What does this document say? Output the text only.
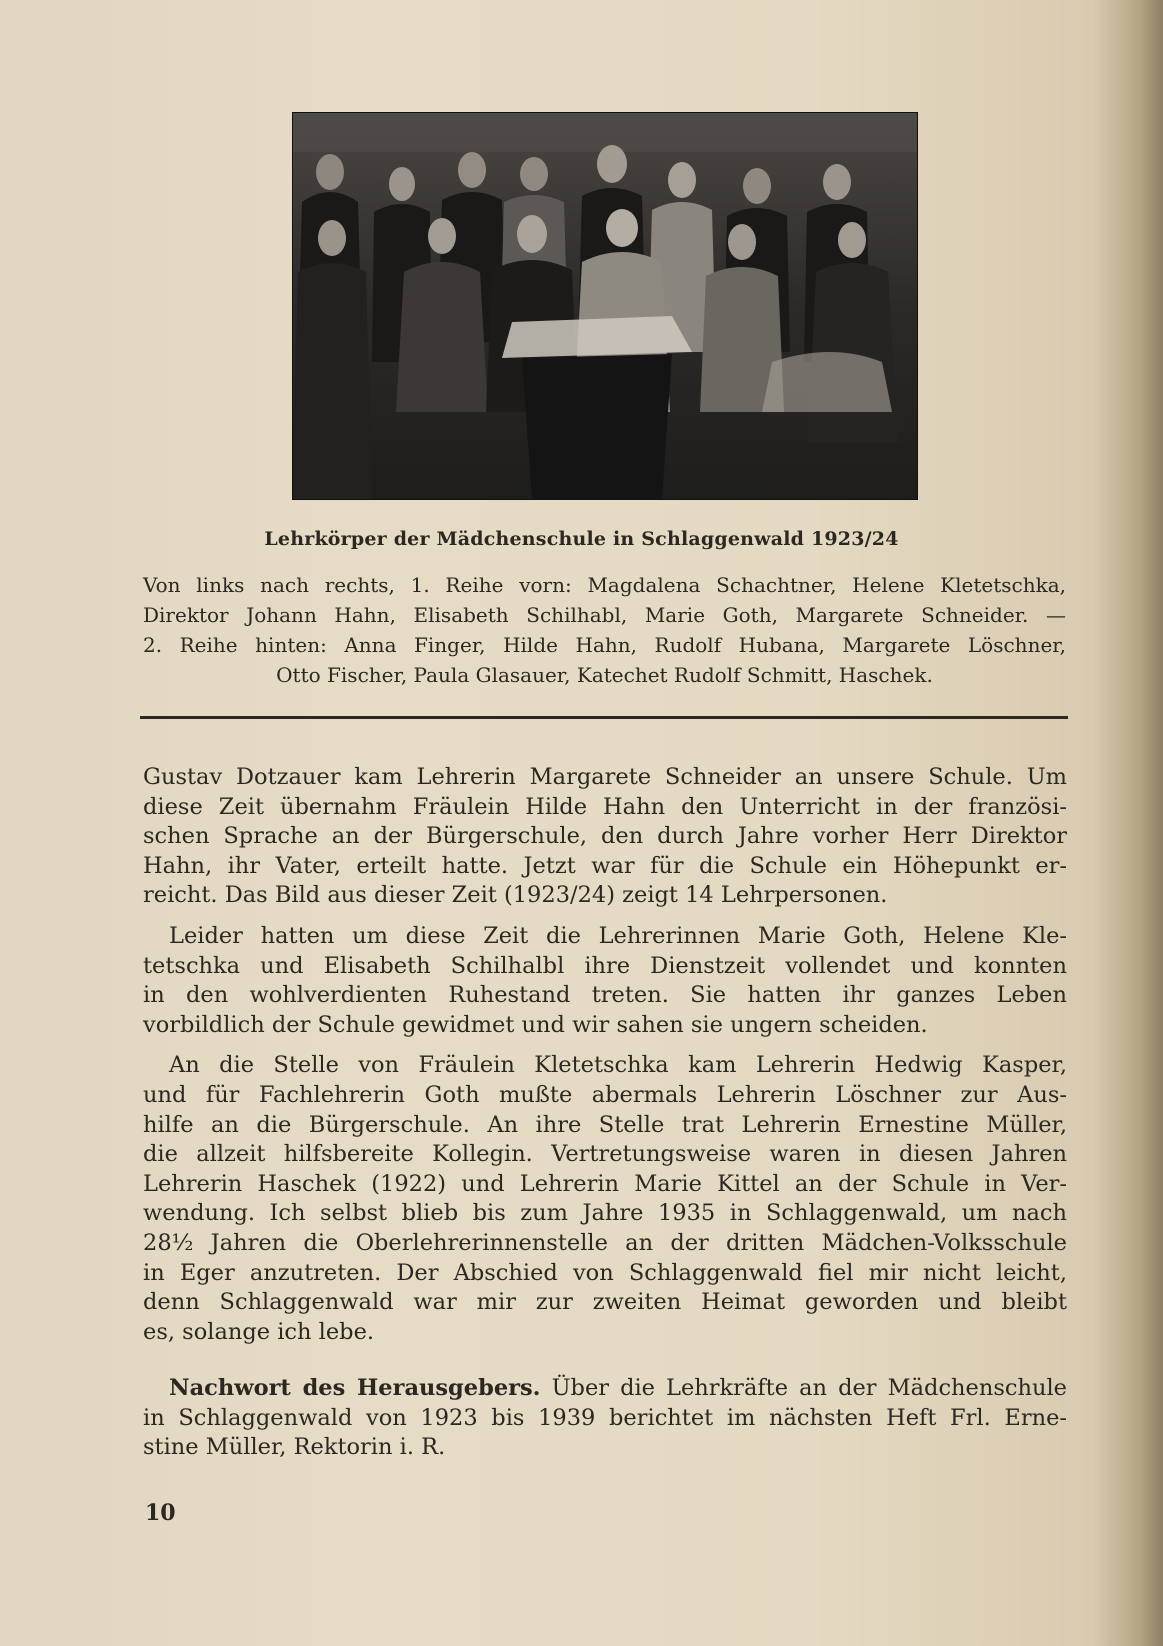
Lehrkörper der Mädchenschule in Schlaggenwald 1923/24

Von links nach rechts, 1. Reihe vorn: Magdalena Schachtner, Helene Kletetschka,
Direktor Johann Hahn, Elisabeth Schilhabl, Marie Goth, Margarete Schneider. —
2. Reihe hinten: Anna Finger, Hilde Hahn, Rudolf Hubana, Margarete Löschner,
Otto Fischer, Paula Glasauer, Katechet Rudolf Schmitt, Haschek.

Gustav Dotzauer kam Lehrerin Margarete Schneider an unsere Schule. Um
diese Zeit übernahm Fräulein Hilde Hahn den Unterricht in der französi-
schen Sprache an der Bürgerschule, den durch Jahre vorher Herr Direktor
Hahn, ihr Vater, erteilt hatte. Jetzt war für die Schule ein Höhepunkt er-
reicht. Das Bild aus dieser Zeit (1923/24) zeigt 14 Lehrpersonen.

Leider hatten um diese Zeit die Lehrerinnen Marie Goth, Helene Kle-
tetschka und Elisabeth Schilhalbl ihre Dienstzeit vollendet und konnten
in den wohlverdienten Ruhestand treten. Sie hatten ihr ganzes Leben
vorbildlich der Schule gewidmet und wir sahen sie ungern scheiden.

An die Stelle von Fräulein Kletetschka kam Lehrerin Hedwig Kasper,
und für Fachlehrerin Goth mußte abermals Lehrerin Löschner zur Aus-
hilfe an die Bürgerschule. An ihre Stelle trat Lehrerin Ernestine Müller,
die allzeit hilfsbereite Kollegin. Vertretungsweise waren in diesen Jahren
Lehrerin Haschek (1922) und Lehrerin Marie Kittel an der Schule in Ver-
wendung. Ich selbst blieb bis zum Jahre 1935 in Schlaggenwald, um nach
28½ Jahren die Oberlehrerinnenstelle an der dritten Mädchen-Volksschule
in Eger anzutreten. Der Abschied von Schlaggenwald fiel mir nicht leicht,
denn Schlaggenwald war mir zur zweiten Heimat geworden und bleibt
es, solange ich lebe.

Nachwort des Herausgebers. Über die Lehrkräfte an der Mädchenschule
in Schlaggenwald von 1923 bis 1939 berichtet im nächsten Heft Frl. Erne-
stine Müller, Rektorin i. R.

10
